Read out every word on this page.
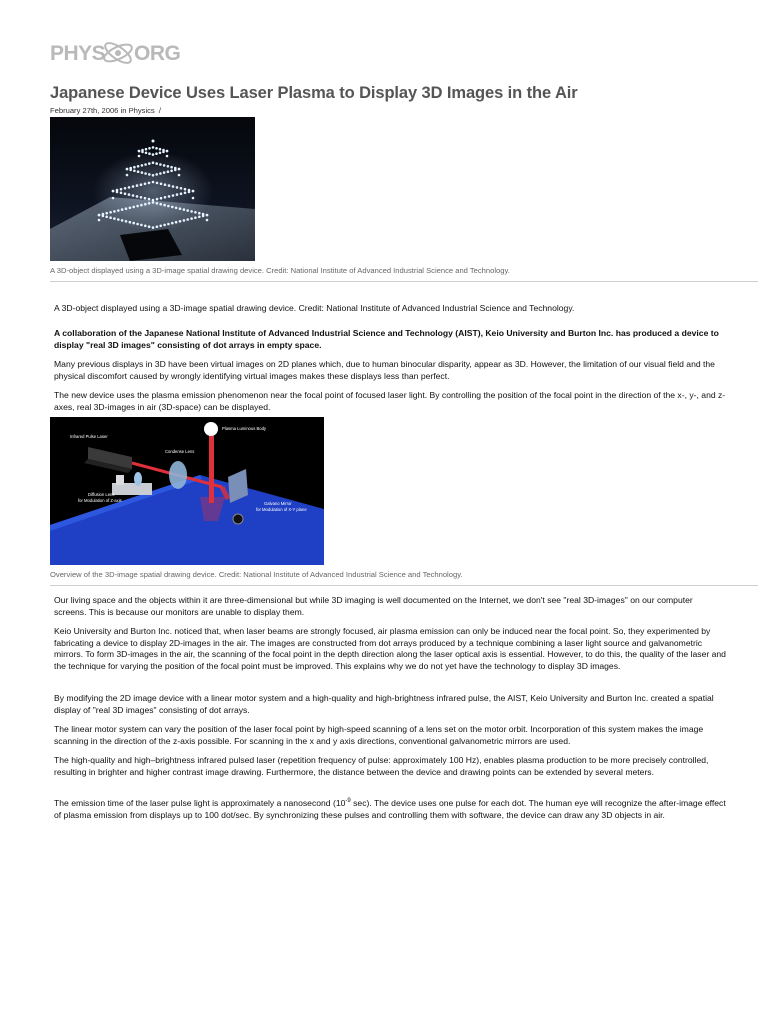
PHYS ORG
Japanese Device Uses Laser Plasma to Display 3D Images in the Air
February 27th, 2006 in Physics /
A 3D-object displayed using a 3D-image spatial drawing device. Credit: National Institute of Advanced Industrial Science and Technology.

A 3D-object displayed using a 3D-image spatial drawing device. Credit: National Institute of Advanced Industrial Science and Technology.

A collaboration of the Japanese National Institute of Advanced Industrial Science and Technology (AIST), Keio University and Burton Inc. has produced a device to display "real 3D images" consisting of dot arrays in empty space.

Many previous displays in 3D have been virtual images on 2D planes which, due to human binocular disparity, appear as 3D. However, the limitation of our visual field and the physical discomfort caused by wrongly identifying virtual images makes these displays less than perfect.

The new device uses the plasma emission phenomenon near the focal point of focused laser light. By controlling the position of the focal point in the direction of the x-, y-, and z-axes, real 3D-images in air (3D-space) can be displayed.

Plasma Luminous Body
Infrared Pulse Laser
Condense Lens
Diffusion Lens
for Modulation of Z-axis
Galvano Mirror
for Modulation of X-Y plane
Overview of the 3D-image spatial drawing device. Credit: National Institute of Advanced Industrial Science and Technology.

Our living space and the objects within it are three-dimensional but while 3D imaging is well documented on the Internet, we don't see "real 3D-images" on our computer screens. This is because our monitors are unable to display them.

Keio University and Burton Inc. noticed that, when laser beams are strongly focused, air plasma emission can only be induced near the focal point. So, they experimented by fabricating a device to display 2D-images in the air. The images are constructed from dot arrays produced by a technique combining a laser light source and galvanometric mirrors. To form 3D-images in the air, the scanning of the focal point in the depth direction along the laser optical axis is essential. However, to do this, the quality of the laser and the technique for varying the position of the focal point must be improved. This explains why we do not yet have the technology to display 3D images.

By modifying the 2D image device with a linear motor system and a high-quality and high-brightness infrared pulse, the AIST, Keio University and Burton Inc. created a spatial display of "real 3D images" consisting of dot arrays.

The linear motor system can vary the position of the laser focal point by high-speed scanning of a lens set on the motor orbit. Incorporation of this system makes the image scanning in the direction of the z-axis possible. For scanning in the x and y axis directions, conventional galvanometric mirrors are used.

The high-quality and high–brightness infrared pulsed laser (repetition frequency of pulse: approximately 100 Hz), enables plasma production to be more precisely controlled, resulting in brighter and higher contrast image drawing. Furthermore, the distance between the device and drawing points can be extended by several meters.

The emission time of the laser pulse light is approximately a nanosecond ($10^{-9}$ sec). The device uses one pulse for each dot. The human eye will recognize the after-image effect of plasma emission from displays up to 100 dot/sec. By synchronizing these pulses and controlling them with software, the device can draw any 3D objects in air.
